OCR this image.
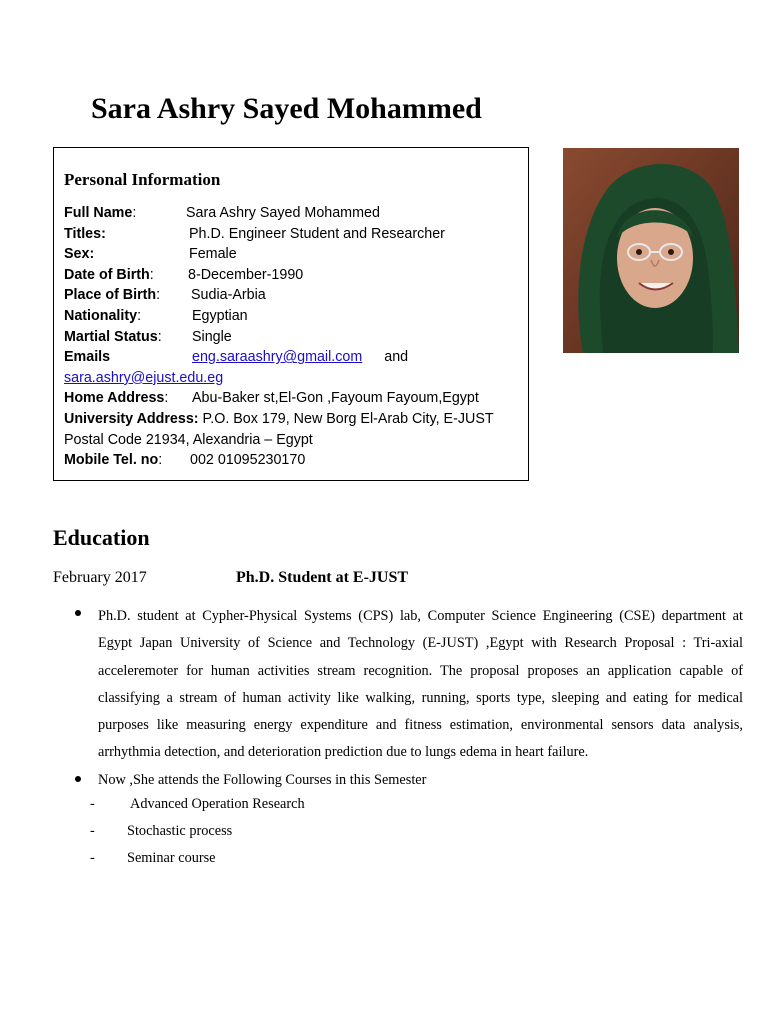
Sara Ashry Sayed Mohammed
Personal Information
Full Name:	Sara Ashry Sayed Mohammed
Titles:	Ph.D. Engineer Student and Researcher
Sex:	Female
Date of Birth: 8-December-1990
Place of Birth: Sudia-Arbia
Nationality:	Egyptian
Martial Status: Single
Emails	eng.saraashry@gmail.com and
sara.ashry@ejust.edu.eg
Home Address: Abu-Baker st,El-Gon ,Fayoum Fayoum,Egypt
University Address: P.O. Box 179, New Borg El-Arab City, E-JUST
Postal Code 21934, Alexandria – Egypt
Mobile Tel. no: 002 01095230170
Education
February 2017	Ph.D. Student at E-JUST
Ph.D. student at Cypher-Physical Systems (CPS) lab, Computer Science Engineering (CSE) department at Egypt Japan University of Science and Technology (E-JUST) ,Egypt with Research Proposal : Tri-axial acceleremoter for human activities stream recognition. The proposal proposes an application capable of classifying a stream of human activity like walking, running, sports type, sleeping and eating for medical purposes like measuring energy expenditure and fitness estimation, environmental sensors data analysis, arrhythmia detection, and deterioration prediction due to lungs edema in heart failure.
Now ,She attends the Following Courses in this Semester
- Advanced Operation Research
- Stochastic process
- Seminar course
